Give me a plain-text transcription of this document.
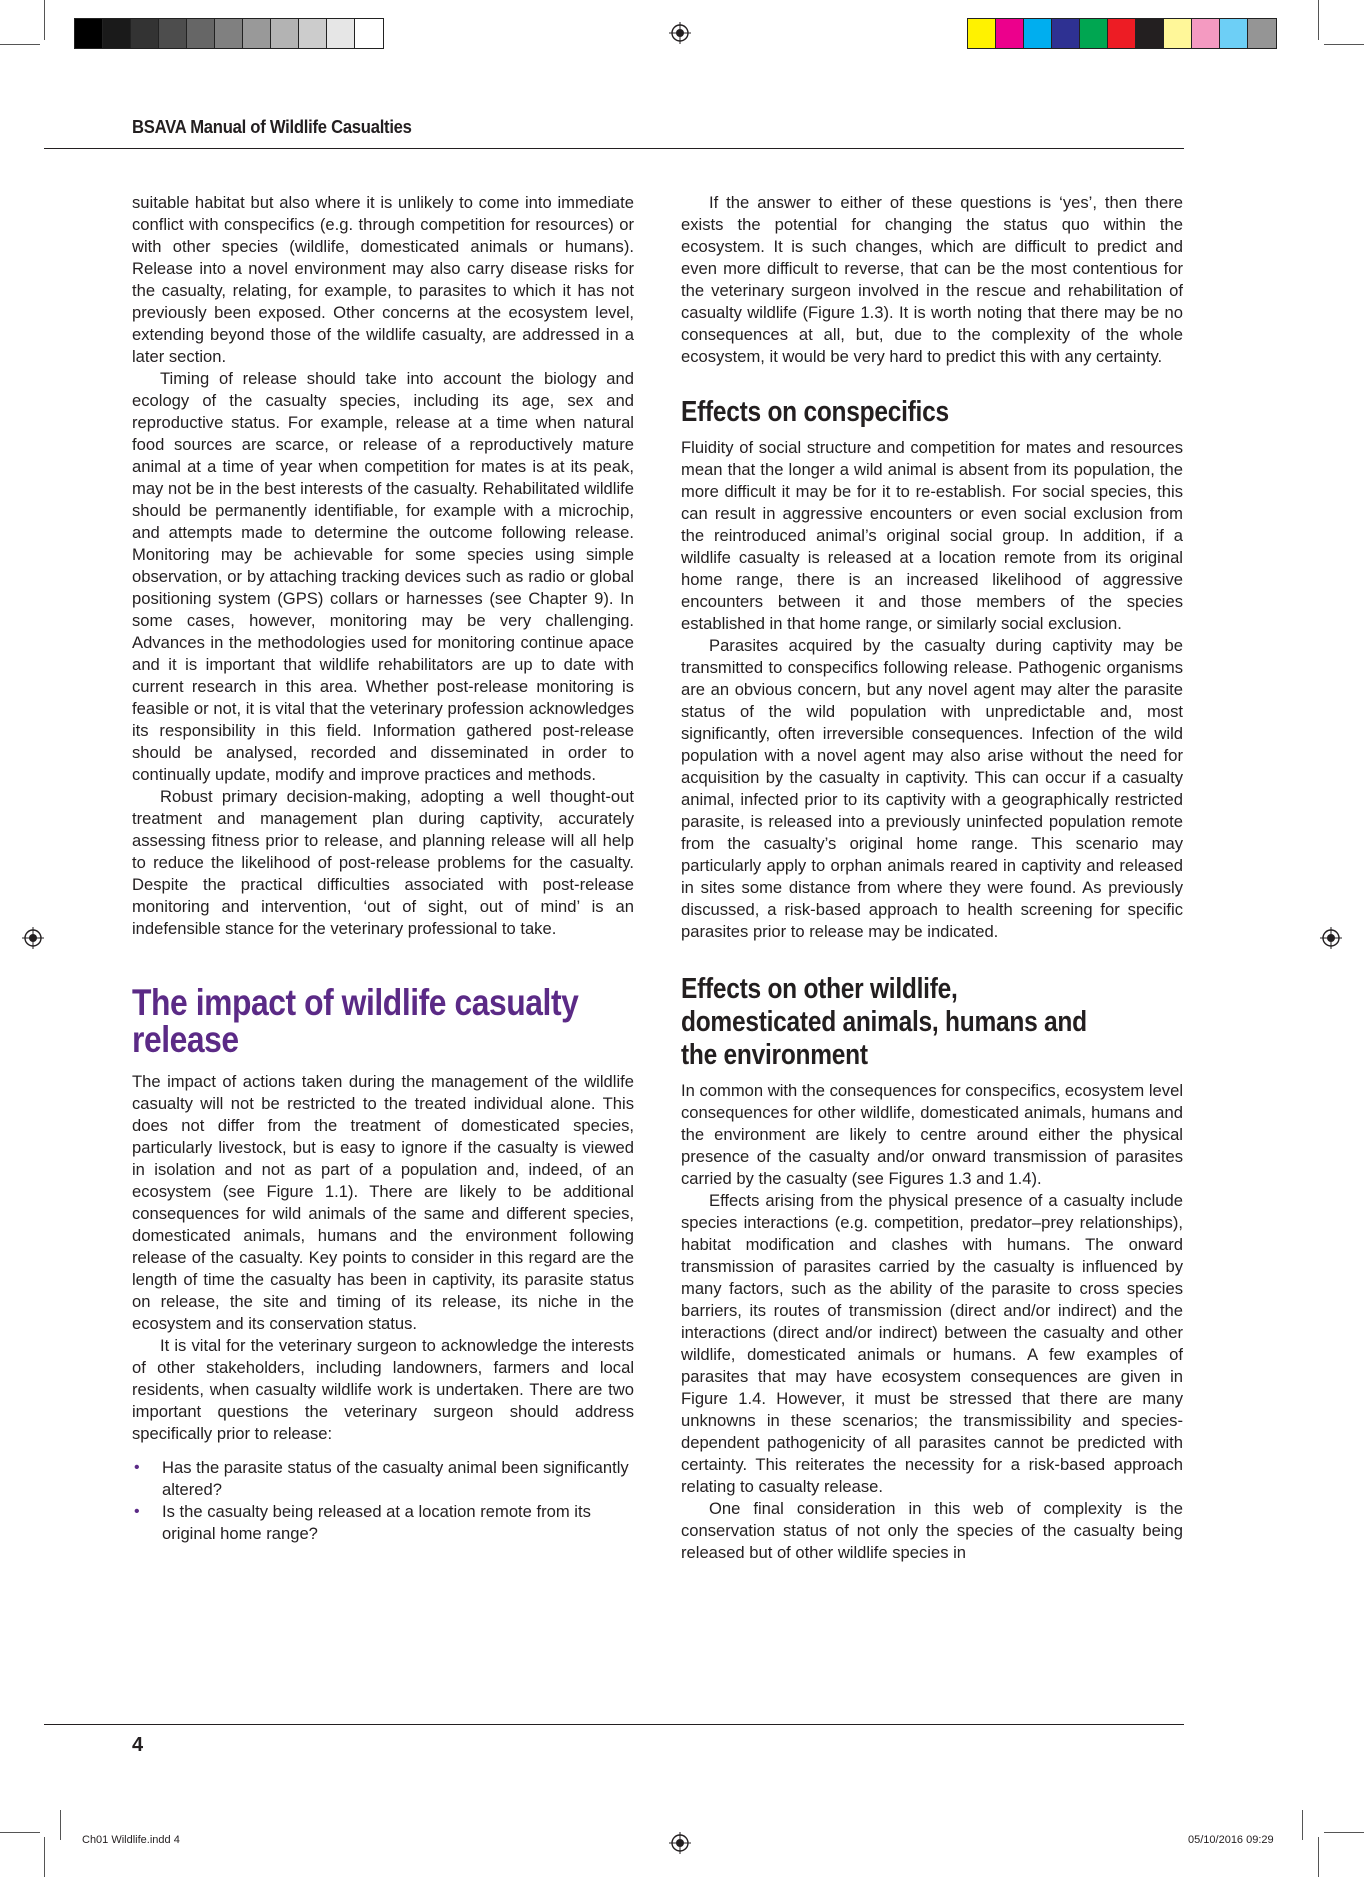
BSAVA Manual of Wildlife Casualties

suitable habitat but also where it is unlikely to come into immediate conflict with conspecifics (e.g. through competition for resources) or with other species (wildlife, domesticated animals or humans). Release into a novel environment may also carry disease risks for the casualty, relating, for example, to parasites to which it has not previously been exposed. Other concerns at the ecosystem level, extending beyond those of the wildlife casualty, are addressed in a later section.

Timing of release should take into account the biology and ecology of the casualty species, including its age, sex and reproductive status. For example, release at a time when natural food sources are scarce, or release of a reproductively mature animal at a time of year when competition for mates is at its peak, may not be in the best interests of the casualty. Rehabilitated wildlife should be permanently identifiable, for example with a microchip, and attempts made to determine the outcome following release. Monitoring may be achievable for some species using simple observation, or by attaching tracking devices such as radio or global positioning system (GPS) collars or harnesses (see Chapter 9). In some cases, however, monitoring may be very challenging. Advances in the methodologies used for monitoring continue apace and it is important that wildlife rehabilitators are up to date with current research in this area. Whether post-release monitoring is feasible or not, it is vital that the veterinary profession acknowledges its responsibility in this field. Information gathered post-release should be analysed, recorded and disseminated in order to continually update, modify and improve practices and methods.

Robust primary decision-making, adopting a well thought-out treatment and management plan during captivity, accurately assessing fitness prior to release, and planning release will all help to reduce the likelihood of post-release problems for the casualty. Despite the practical difficulties associated with post-release monitoring and intervention, ‘out of sight, out of mind’ is an indefensible stance for the veterinary professional to take.

The impact of wildlife casualty release

The impact of actions taken during the management of the wildlife casualty will not be restricted to the treated individual alone. This does not differ from the treatment of domesticated species, particularly livestock, but is easy to ignore if the casualty is viewed in isolation and not as part of a population and, indeed, of an ecosystem (see Figure 1.1). There are likely to be additional consequences for wild animals of the same and different species, domesticated animals, humans and the environment following release of the casualty. Key points to consider in this regard are the length of time the casualty has been in captivity, its parasite status on release, the site and timing of its release, its niche in the ecosystem and its conservation status.

It is vital for the veterinary surgeon to acknowledge the interests of other stakeholders, including landowners, farmers and local residents, when casualty wildlife work is undertaken. There are two important questions the veterinary surgeon should address specifically prior to release:

• Has the parasite status of the casualty animal been significantly altered?
• Is the casualty being released at a location remote from its original home range?

If the answer to either of these questions is ‘yes’, then there exists the potential for changing the status quo within the ecosystem. It is such changes, which are difficult to predict and even more difficult to reverse, that can be the most contentious for the veterinary surgeon involved in the rescue and rehabilitation of casualty wildlife (Figure 1.3). It is worth noting that there may be no consequences at all, but, due to the complexity of the whole ecosystem, it would be very hard to predict this with any certainty.

Effects on conspecifics

Fluidity of social structure and competition for mates and resources mean that the longer a wild animal is absent from its population, the more difficult it may be for it to re-establish. For social species, this can result in aggressive encounters or even social exclusion from the reintroduced animal’s original social group. In addition, if a wildlife casualty is released at a location remote from its original home range, there is an increased likelihood of aggressive encounters between it and those members of the species established in that home range, or similarly social exclusion.

Parasites acquired by the casualty during captivity may be transmitted to conspecifics following release. Pathogenic organisms are an obvious concern, but any novel agent may alter the parasite status of the wild population with unpredictable and, most significantly, often irreversible consequences. Infection of the wild population with a novel agent may also arise without the need for acquisition by the casualty in captivity. This can occur if a casualty animal, infected prior to its captivity with a geographically restricted parasite, is released into a previously uninfected population remote from the casualty’s original home range. This scenario may particularly apply to orphan animals reared in captivity and released in sites some distance from where they were found. As previously discussed, a risk-based approach to health screening for specific parasites prior to release may be indicated.

Effects on other wildlife, domesticated animals, humans and the environment

In common with the consequences for conspecifics, ecosystem level consequences for other wildlife, domesticated animals, humans and the environment are likely to centre around either the physical presence of the casualty and/or onward transmission of parasites carried by the casualty (see Figures 1.3 and 1.4).

Effects arising from the physical presence of a casualty include species interactions (e.g. competition, predator–prey relationships), habitat modification and clashes with humans. The onward transmission of parasites carried by the casualty is influenced by many factors, such as the ability of the parasite to cross species barriers, its routes of transmission (direct and/or indirect) and the interactions (direct and/or indirect) between the casualty and other wildlife, domesticated animals or humans. A few examples of parasites that may have ecosystem consequences are given in Figure 1.4. However, it must be stressed that there are many unknowns in these scenarios; the transmissibility and species-dependent pathogenicity of all parasites cannot be predicted with certainty. This reiterates the necessity for a risk-based approach relating to casualty release.

One final consideration in this web of complexity is the conservation status of not only the species of the casualty being released but of other wildlife species in

4
Ch01 Wildlife.indd 4	05/10/2016 09:29
